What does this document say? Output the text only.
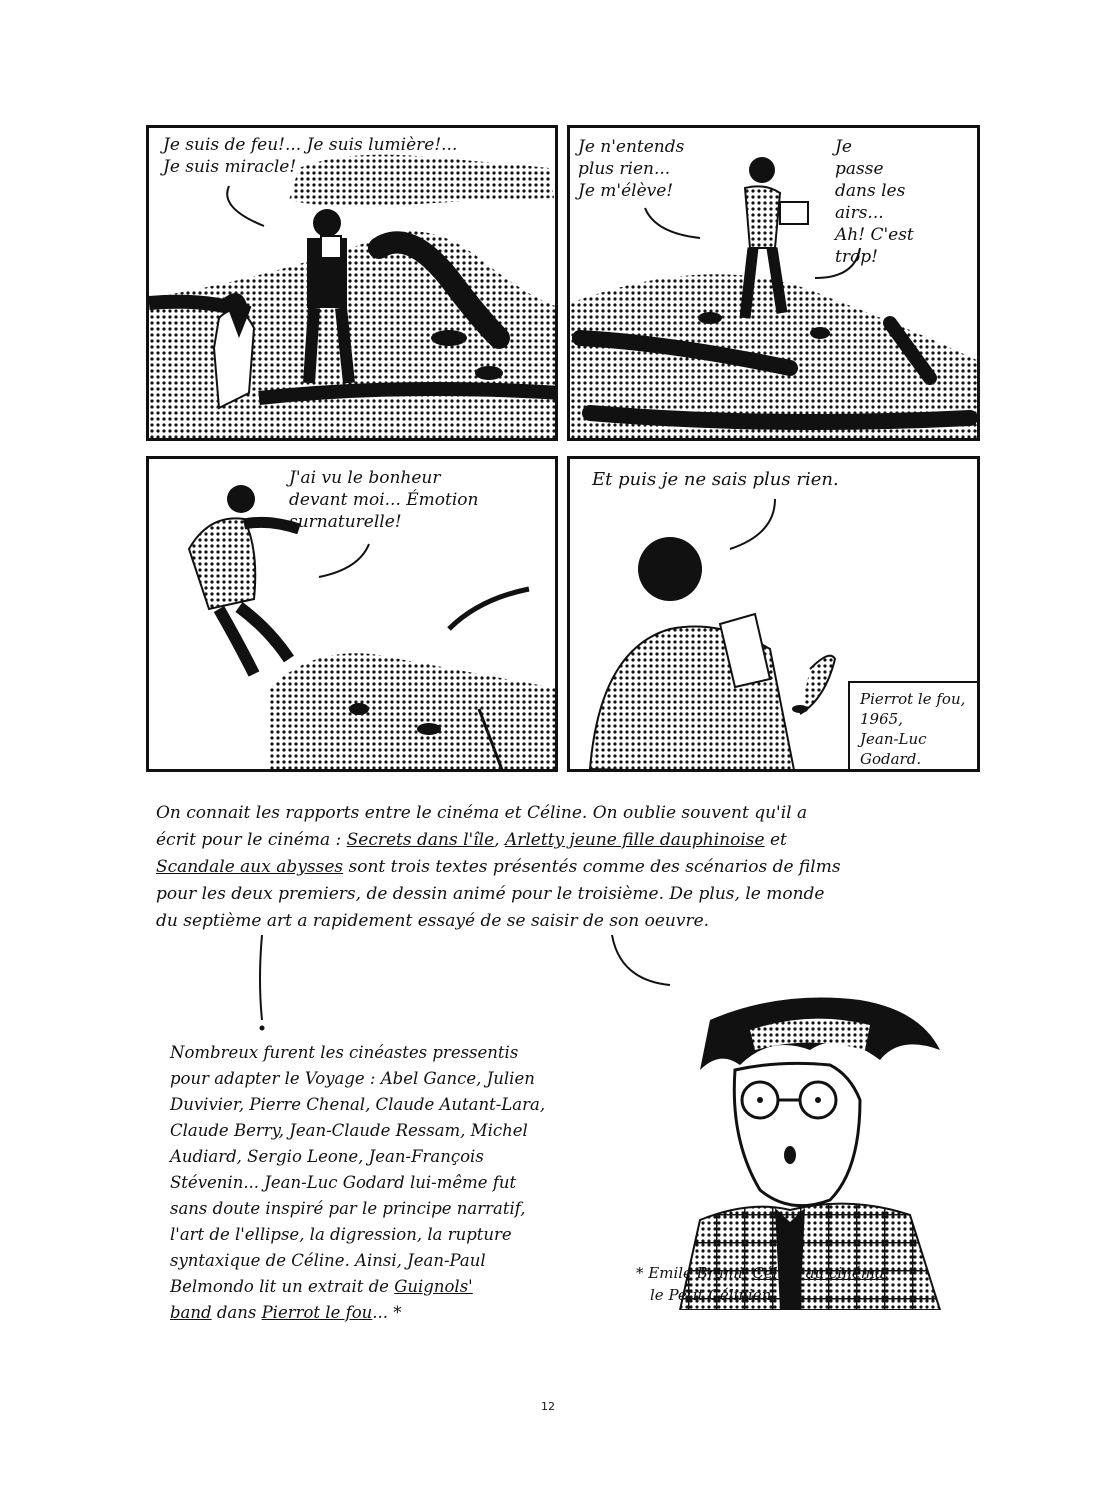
Je suis de feu!... Je suis lumière!...
Je suis miracle!
Je n'entends
plus rien...
Je m'élève!
Je
passe
dans les
airs...
Ah! C'est
trop!
J'ai vu le bonheur
devant moi... Émotion
surnaturelle!
Et puis je ne sais plus rien.
Pierrot le fou, 1965,
Jean-Luc Godard.
On connait les rapports entre le cinéma et Céline. On oublie souvent qu'il a
écrit pour le cinéma : Secrets dans l'île, Arletty jeune fille dauphinoise et
Scandale aux abysses sont trois textes présentés comme des scénarios de films
pour les deux premiers, de dessin animé pour le troisième. De plus, le monde
du septième art a rapidement essayé de se saisir de son oeuvre.
Nombreux furent les cinéastes pressentis
pour adapter le Voyage : Abel Gance, Julien
Duvivier, Pierre Chenal, Claude Autant-Lara,
Claude Berry, Jean-Claude Ressam, Michel
Audiard, Sergio Leone, Jean-François
Stévenin... Jean-Luc Godard lui-même fut
sans doute inspiré par le principe narratif,
l'art de l'ellipse, la digression, la rupture
syntaxique de Céline. Ainsi, Jean-Paul
Belmondo lit un extrait de Guignols'
band dans Pierrot le fou... *
* Emile Brami, Céline au cinéma,
le Petit Célinien
12
